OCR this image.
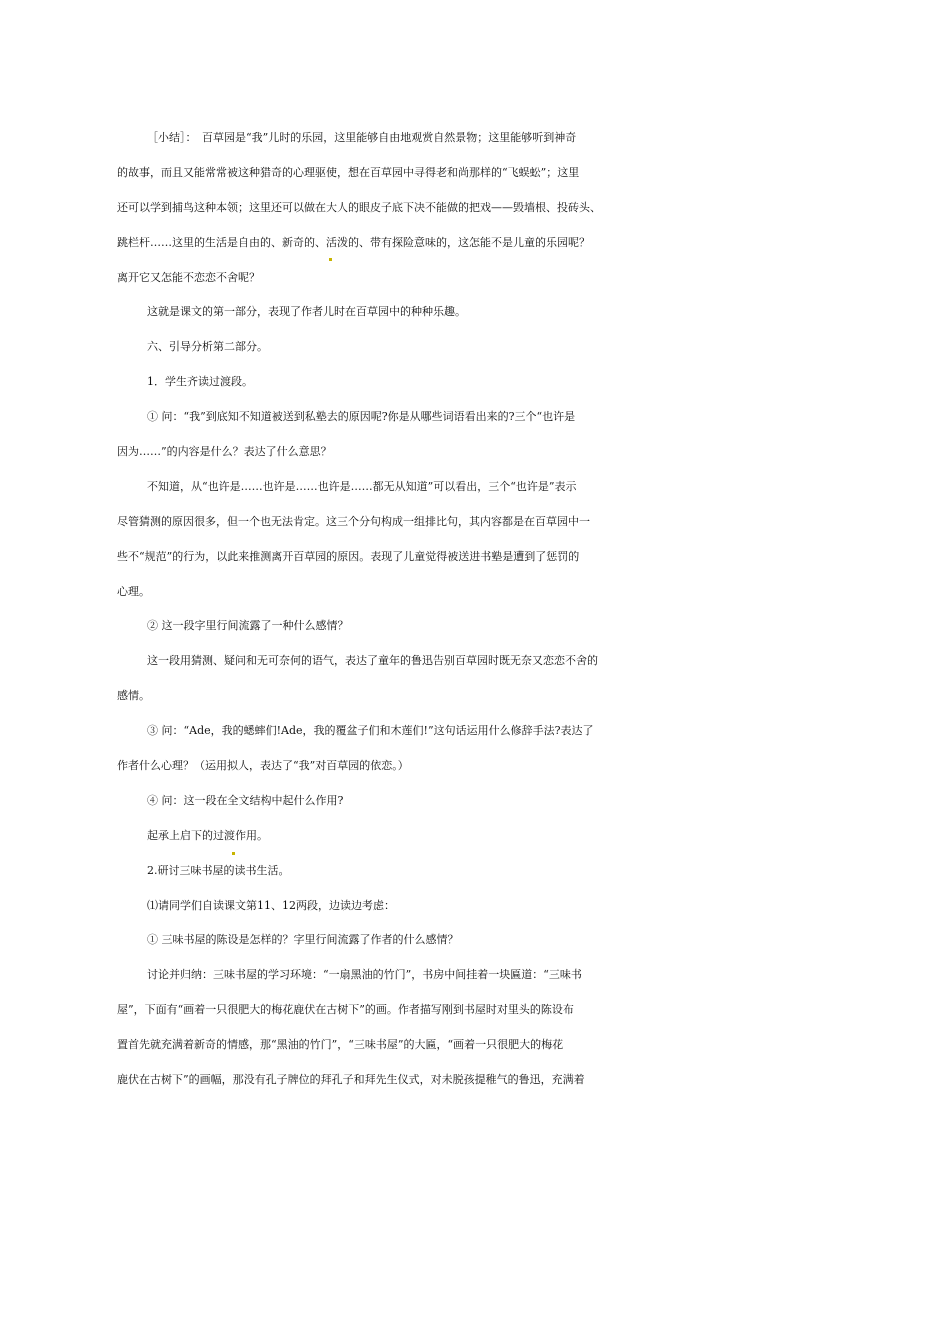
［小结］：　百草园是“我”儿时的乐园，这里能够自由地观赏自然景物；这里能够听到神奇

的故事，而且又能常常被这种猎奇的心理驱使，想在百草园中寻得老和尚那样的“飞蜈蚣”；这里

还可以学到捕鸟这种本领；这里还可以做在大人的眼皮子底下决不能做的把戏——毁墙根、投砖头、

跳栏杆……这里的生活是自由的、新奇的、活泼的、带有探险意味的，这怎能不是儿童的乐园呢？

离开它又怎能不恋恋不舍呢？

这就是课文的第一部分，表现了作者儿时在百草园中的种种乐趣。

六、引导分析第二部分。

1．学生齐读过渡段。

① 问：“我”到底知不知道被送到私塾去的原因呢?你是从哪些词语看出来的?三个“也许是

因为……”的内容是什么？表达了什么意思？

不知道，从“也许是……也许是……也许是……都无从知道”可以看出，三个“也许是”表示

尽管猜测的原因很多，但一个也无法肯定。这三个分句构成一组排比句，其内容都是在百草园中一

些不“规范”的行为，以此来推测离开百草园的原因。表现了儿童觉得被送进书塾是遭到了惩罚的

心理。

② 这一段字里行间流露了一种什么感情？

这一段用猜测、疑问和无可奈何的语气，表达了童年的鲁迅告别百草园时既无奈又恋恋不舍的

感情。

③ 问：“Ade，我的蟋蟀们!Ade，我的覆盆子们和木莲们!”这句话运用什么修辞手法?表达了

作者什么心理？（运用拟人，表达了“我”对百草园的依恋。）

④ 问：这一段在全文结构中起什么作用?

起承上启下的过渡作用。

2.研讨三味书屋的读书生活。

⑴请同学们自读课文第11、12两段，边读边考虑：

① 三味书屋的陈设是怎样的？字里行间流露了作者的什么感情？

讨论并归纳：三味书屋的学习环境：“一扇黑油的竹门”，书房中间挂着一块匾道：“三味书

屋”，下面有“画着一只很肥大的梅花鹿伏在古树下”的画。作者描写刚到书屋时对里头的陈设布

置首先就充满着新奇的情感，那“黑油的竹门”，“三味书屋”的大匾，“画着一只很肥大的梅花

鹿伏在古树下”的画幅，那没有孔子牌位的拜孔子和拜先生仪式，对未脱孩提稚气的鲁迅，充满着
